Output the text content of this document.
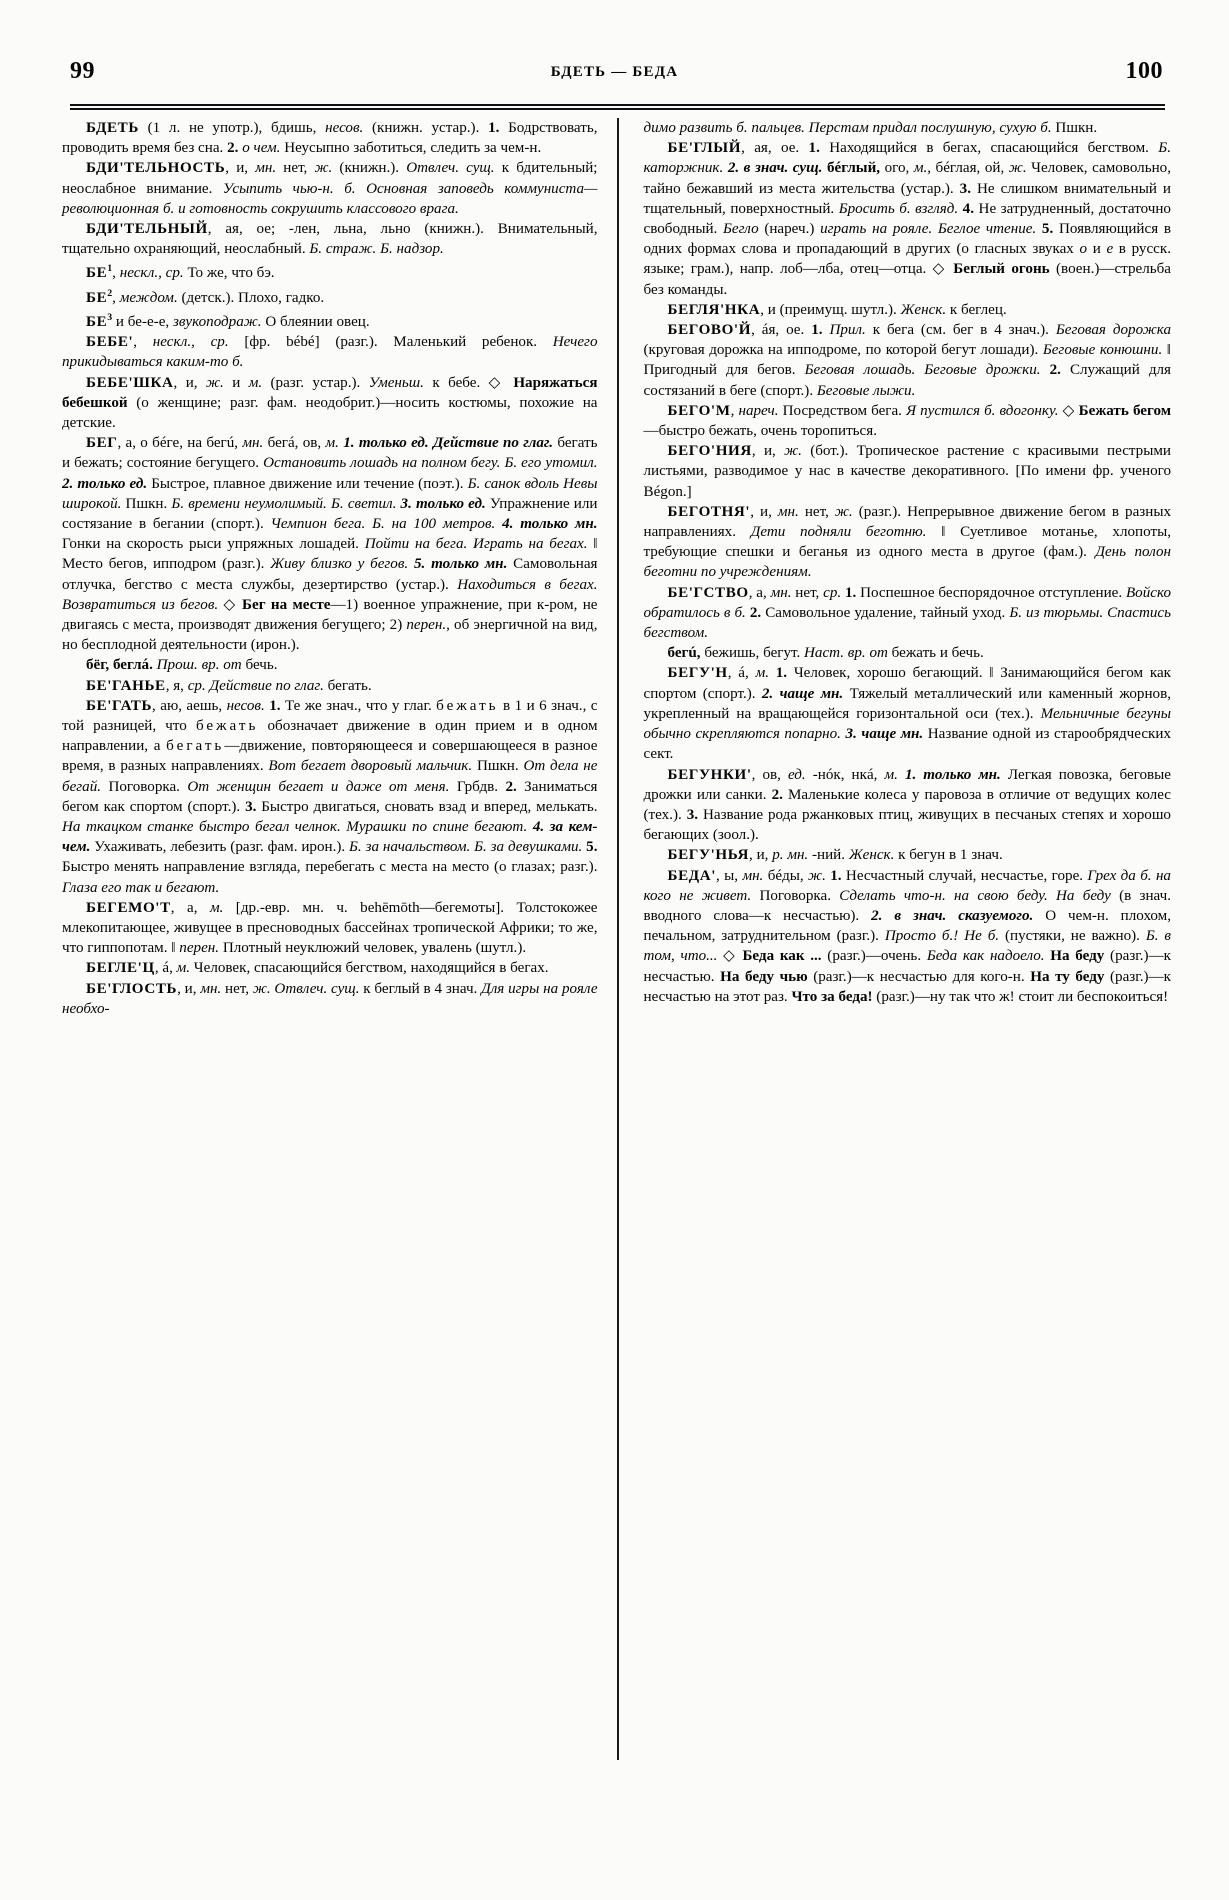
99	БДЕТЬ — БЕДА	100

БДЕТЬ (1 л. не употр.), бдишь, несов. (книжн. устар.). 1. Бодрствовать, проводить время без сна. 2. о чем. Неусыпно заботиться, следить за чем-н.

БДИ'ТЕЛЬНОСТЬ, и, мн. нет, ж. (книжн.). Отвлеч. сущ. к бдительный; неослабное внимание. Усыпить чью-н. б. Основная заповедь коммуниста—революционная б. и готовность сокрушить классового врага.

БДИ'ТЕЛЬНЫЙ, ая, ое; -лен, льна, льно (книжн.). Внимательный, тщательно охраняющий, неослабный. Б. страж. Б. надзор.

$БЕ^1$, нескл., ср. То же, что бэ.

$БЕ^2$, междом. (детск.). Плохо, гадко.

$БЕ^3$ и бе-е-е, звукоподраж. О блеянии овец.

БЕБЕ', нескл., ср. [фр. bébé] (разг.). Маленький ребенок. Нечего прикидываться каким-то б.

БЕБЕ'ШКА, и, ж. и м. (разг. устар.). Уменьш. к бебе. ◇ Наряжаться бебешкой (о женщине; разг. фам. неодобрит.)—носить костюмы, похожие на детские.

БЕГ, а, о бéге, на бегú, мн. бегá, ов, м. 1. только ед. Действие по глаг. бегать и бежать; состояние бегущего. Остановить лошадь на полном бегу. Б. его утомил. 2. только ед. Быстрое, плавное движение или течение (поэт.). Б. санок вдоль Невы широкой. Пшкн. Б. времени неумолимый. Б. светил. 3. только ед. Упражнение или состязание в бегании (спорт.). Чемпион бега. Б. на 100 метров. 4. только мн. Гонки на скорость рыси упряжных лошадей. Пойти на бега. Играть на бегах. ‖ Место бегов, ипподром (разг.). Живу близко у бегов. 5. только мн. Самовольная отлучка, бегство с места службы, дезертирство (устар.). Находиться в бегах. Возвратиться из бегов. ◇ Бег на месте—1) военное упражнение, при к-ром, не двигаясь с места, производят движения бегущего; 2) перен., об энергичной на вид, но бесплодной деятельности (ирон.).

бёг, беглá. Прош. вр. от бечь.

БЕ'ГАНЬЕ, я, ср. Действие по глаг. бегать.

БЕ'ГАТЬ, аю, аешь, несов. 1. Те же знач., что у глаг. бежать в 1 и 6 знач., с той разницей, что бежать обозначает движение в один прием и в одном направлении, а бегать—движение, повторяющееся и совершающееся в разное время, в разных направлениях. Вот бегает дворовый мальчик. Пшкн. От дела не бегай. Поговорка. От женщин бегает и даже от меня. Грбдв. 2. Заниматься бегом как спортом (спорт.). 3. Быстро двигаться, сновать взад и вперед, мелькать. На ткацком станке быстро бегал челнок. Мурашки по спине бегают. 4. за кем-чем. Ухаживать, лебезить (разг. фам. ирон.). Б. за начальством. Б. за девушками. 5. Быстро менять направление взгляда, перебегать с места на место (о глазах; разг.). Глаза его так и бегают.

БЕГЕМО'Т, а, м. [др.-евр. мн. ч. behēmōth—бегемоты]. Толстокожее млекопитающее, живущее в пресноводных бассейнах тропической Африки; то же, что гиппопотам. ‖ перен. Плотный неуклюжий человек, увалень (шутл.).

БЕГЛЕ'Ц, á, м. Человек, спасающийся бегством, находящийся в бегах.

БЕ'ГЛОСТЬ, и, мн. нет, ж. Отвлеч. сущ. к беглый в 4 знач. Для игры на рояле необхо-

димо развить б. пальцев. Перстам придал послушную, сухую б. Пшкн.

БЕ'ГЛЫЙ, ая, ое. 1. Находящийся в бегах, спасающийся бегством. Б. каторжник. 2. в знач. сущ. бéглый, ого, м., бéглая, ой, ж. Человек, самовольно, тайно бежавший из места жительства (устар.). 3. Не слишком внимательный и тщательный, поверхностный. Бросить б. взгляд. 4. Не затрудненный, достаточно свободный. Бегло (нареч.) играть на рояле. Беглое чтение. 5. Появляющийся в одних формах слова и пропадающий в других (о гласных звуках о и е в русск. языке; грам.), напр. лоб—лба, отец—отца. ◇ Беглый огонь (воен.)—стрельба без команды.

БЕГЛЯ'НКА, и (преимущ. шутл.). Женск. к беглец.

БЕГОВО'Й, áя, ое. 1. Прил. к бега (см. бег в 4 знач.). Беговая дорожка (круговая дорожка на ипподроме, по которой бегут лошади). Беговые конюшни. ‖ Пригодный для бегов. Беговая лошадь. Беговые дрожки. 2. Служащий для состязаний в беге (спорт.). Беговые лыжи.

БЕГО'М, нареч. Посредством бега. Я пустился б. вдогонку. ◇ Бежать бегом—быстро бежать, очень торопиться.

БЕГО'НИЯ, и, ж. (бот.). Тропическое растение с красивыми пестрыми листьями, разводимое у нас в качестве декоративного. [По имени фр. ученого Bégon.]

БЕГОТНЯ', и, мн. нет, ж. (разг.). Непрерывное движение бегом в разных направлениях. Дети подняли беготню. ‖ Суетливое мотанье, хлопоты, требующие спешки и беганья из одного места в другое (фам.). День полон беготни по учреждениям.

БЕ'ГСТВО, а, мн. нет, ср. 1. Поспешное беспорядочное отступление. Войско обратилось в б. 2. Самовольное удаление, тайный уход. Б. из тюрьмы. Спастись бегством.

бегú, бежишь, бегут. Наст. вр. от бежать и бечь.

БЕГУ'Н, á, м. 1. Человек, хорошо бегающий. ‖ Занимающийся бегом как спортом (спорт.). 2. чаще мн. Тяжелый металлический или каменный жорнов, укрепленный на вращающейся горизонтальной оси (тех.). Мельничные бегуны обычно скрепляются попарно. 3. чаще мн. Название одной из старообрядческих сект.

БЕГУНКИ', ов, ед. -нóк, нкá, м. 1. только мн. Легкая повозка, беговые дрожки или санки. 2. Маленькие колеса у паровоза в отличие от ведущих колес (тех.). 3. Название рода ржанковых птиц, живущих в песчаных степях и хорошо бегающих (зоол.).

БЕГУ'НЬЯ, и, р. мн. -ний. Женск. к бегун в 1 знач.

БЕДА', ы, мн. бéды, ж. 1. Несчастный случай, несчастье, горе. Грех да б. на кого не живет. Поговорка. Сделать что-н. на свою беду. На беду (в знач. вводного слова—к несчастью). 2. в знач. сказуемого. О чем-н. плохом, печальном, затруднительном (разг.). Просто б.! Не б. (пустяки, не важно). Б. в том, что... ◇ Беда как ... (разг.)—очень. Беда как надоело. На беду (разг.)—к несчастью. На беду чью (разг.)—к несчастью для кого-н. На ту беду (разг.)—к несчастью на этот раз. Что за беда! (разг.)—ну так что ж! стоит ли беспокоиться!
